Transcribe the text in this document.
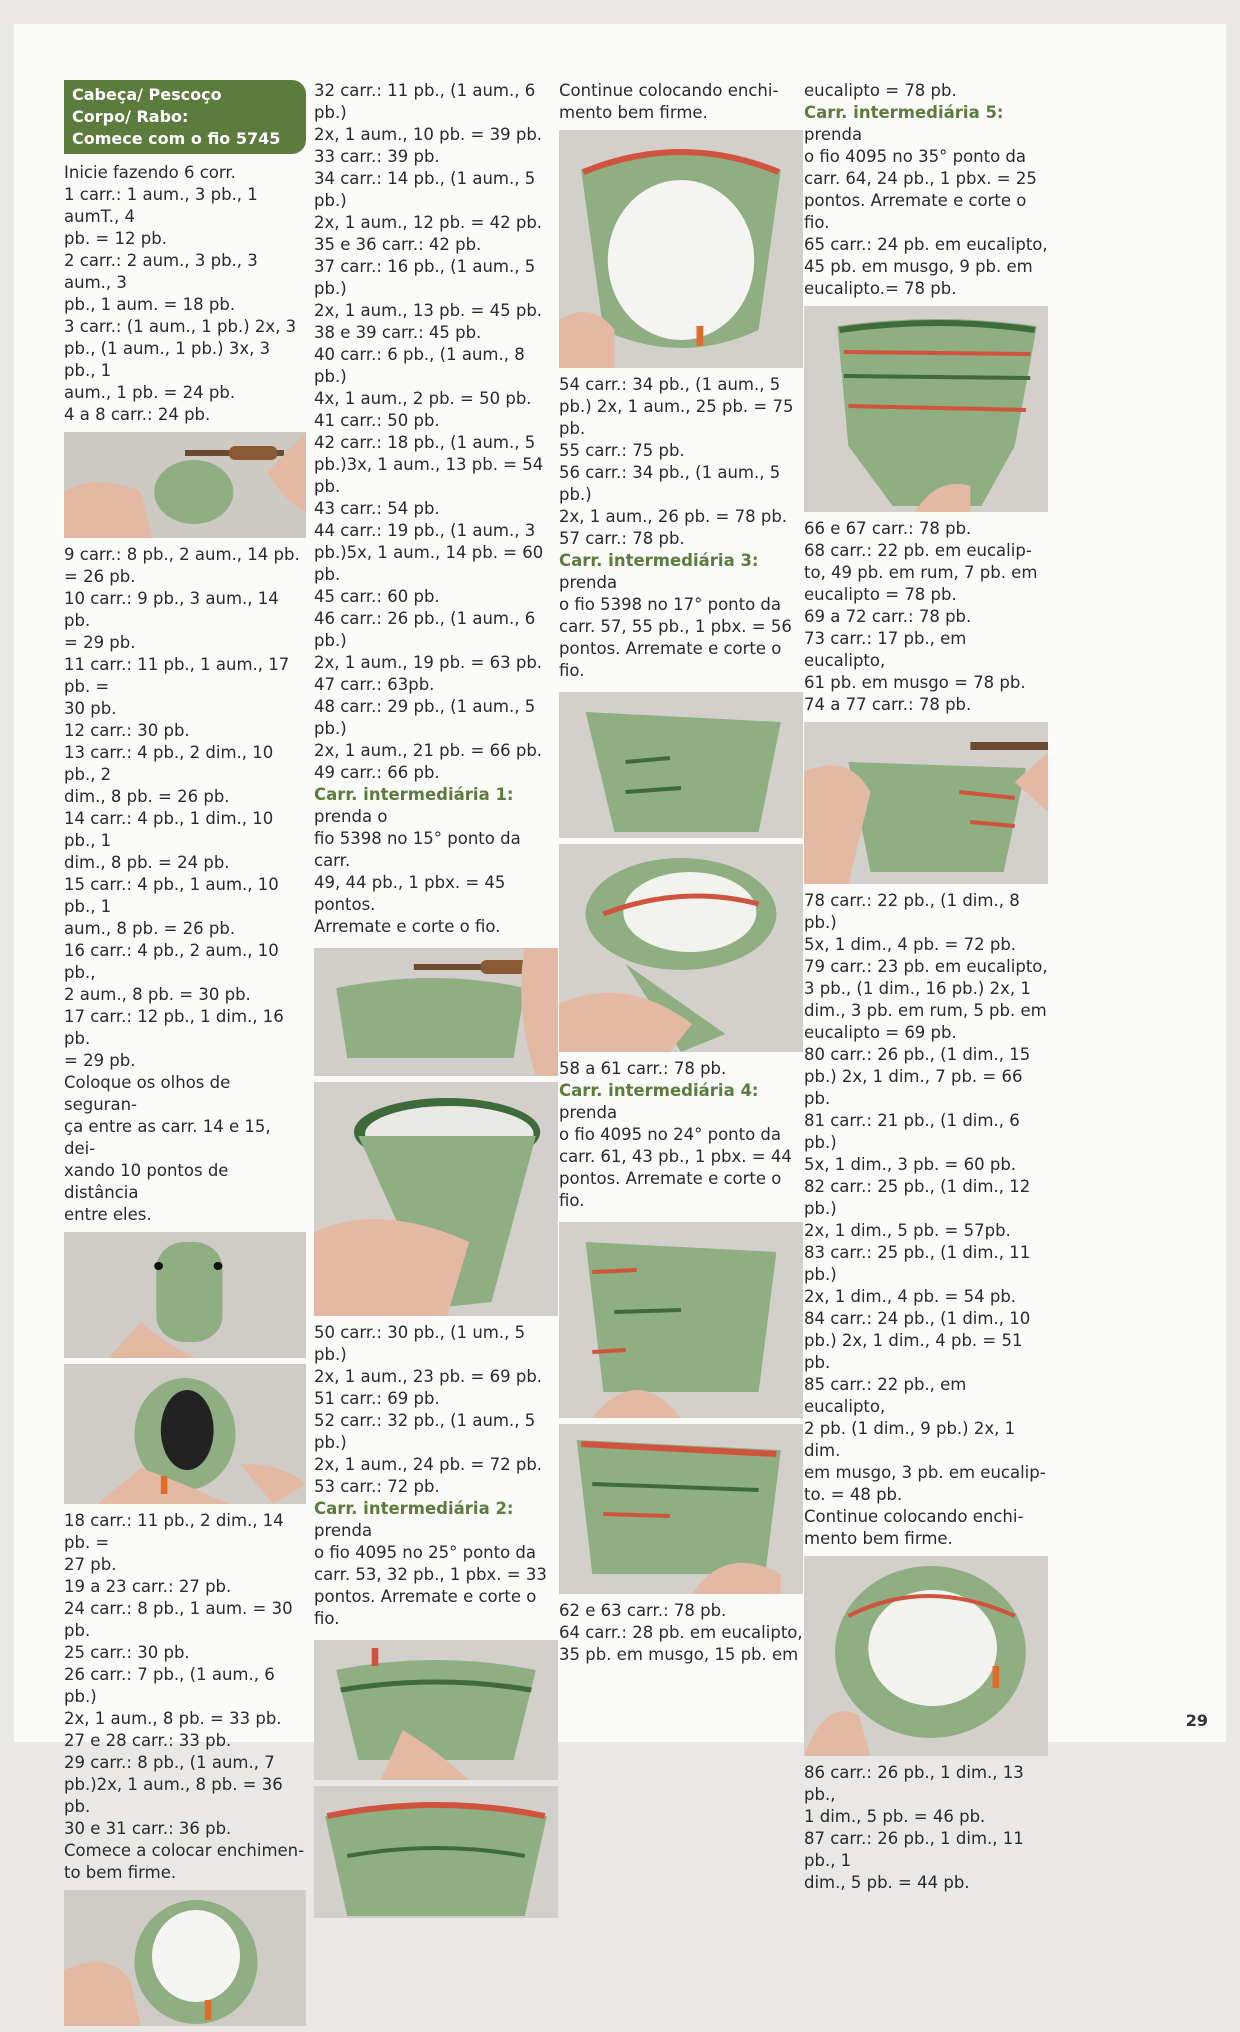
Cabeça/ Pescoço
Corpo/ Rabo:
Comece com o fio 5745

Inicie fazendo 6 corr.

1 carr.: 1 aum., 3 pb., 1 aumT., 4

pb. = 12 pb.

2 carr.: 2 aum., 3 pb., 3 aum., 3

pb., 1 aum. = 18 pb.

3 carr.: (1 aum., 1 pb.) 2x, 3

pb., (1 aum., 1 pb.) 3x, 3 pb., 1

aum., 1 pb. = 24 pb.

4 a 8 carr.: 24 pb.

9 carr.: 8 pb., 2 aum., 14 pb.

= 26 pb.

10 carr.: 9 pb., 3 aum., 14 pb.

= 29 pb.

11 carr.: 11 pb., 1 aum., 17 pb. =

30 pb.

12 carr.: 30 pb.

13 carr.: 4 pb., 2 dim., 10 pb., 2

dim., 8 pb. = 26 pb.

14 carr.: 4 pb., 1 dim., 10 pb., 1

dim., 8 pb. = 24 pb.

15 carr.: 4 pb., 1 aum., 10 pb., 1

aum., 8 pb. = 26 pb.

16 carr.: 4 pb., 2 aum., 10 pb.,

2 aum., 8 pb. = 30 pb.

17 carr.: 12 pb., 1 dim., 16 pb.

= 29 pb.

Coloque os olhos de seguran-

ça entre as carr. 14 e 15, dei-

xando 10 pontos de distância

entre eles.

18 carr.: 11 pb., 2 dim., 14 pb. =

27 pb.

19 a 23 carr.: 27 pb.

24 carr.: 8 pb., 1 aum. = 30 pb.

25 carr.: 30 pb.

26 carr.: 7 pb., (1 aum., 6 pb.)

2x, 1 aum., 8 pb. = 33 pb.

27 e 28 carr.: 33 pb.

29 carr.: 8 pb., (1 aum., 7

pb.)2x, 1 aum., 8 pb. = 36 pb.

30 e 31 carr.: 36 pb.

Comece a colocar enchimen-

to bem firme.

32 carr.: 11 pb., (1 aum., 6 pb.)

2x, 1 aum., 10 pb. = 39 pb.

33 carr.: 39 pb.

34 carr.: 14 pb., (1 aum., 5 pb.)

2x, 1 aum., 12 pb. = 42 pb.

35 e 36 carr.: 42 pb.

37 carr.: 16 pb., (1 aum., 5 pb.)

2x, 1 aum., 13 pb. = 45 pb.

38 e 39 carr.: 45 pb.

40 carr.: 6 pb., (1 aum., 8 pb.)

4x, 1 aum., 2 pb. = 50 pb.

41 carr.: 50 pb.

42 carr.: 18 pb., (1 aum., 5

pb.)3x, 1 aum., 13 pb. = 54 pb.

43 carr.: 54 pb.

44 carr.: 19 pb., (1 aum., 3

pb.)5x, 1 aum., 14 pb. = 60 pb.

45 carr.: 60 pb.

46 carr.: 26 pb., (1 aum., 6 pb.)

2x, 1 aum., 19 pb. = 63 pb.

47 carr.: 63pb.

48 carr.: 29 pb., (1 aum., 5 pb.)

2x, 1 aum., 21 pb. = 66 pb.

49 carr.: 66 pb.

Carr. intermediária 1: prenda o
fio 5398 no 15° ponto da carr.
49, 44 pb., 1 pbx. = 45 pontos.
Arremate e corte o fio.

50 carr.: 30 pb., (1 um., 5 pb.)

2x, 1 aum., 23 pb. = 69 pb.

51 carr.: 69 pb.

52 carr.: 32 pb., (1 aum., 5 pb.)

2x, 1 aum., 24 pb. = 72 pb.

53 carr.: 72 pb.

Carr. intermediária 2: prenda
o fio 4095 no 25° ponto da
carr. 53, 32 pb., 1 pbx. = 33
pontos. Arremate e corte o fio.

Continue colocando enchi-

mento bem firme.

54 carr.: 34 pb., (1 aum., 5

pb.) 2x, 1 aum., 25 pb. = 75 pb.

55 carr.: 75 pb.

56 carr.: 34 pb., (1 aum., 5 pb.)

2x, 1 aum., 26 pb. = 78 pb.

57 carr.: 78 pb.

Carr. intermediária 3: prenda
o fio 5398 no 17° ponto da
carr. 57, 55 pb., 1 pbx. = 56
pontos. Arremate e corte o fio.

58 a 61 carr.: 78 pb.

Carr. intermediária 4: prenda
o fio 4095 no 24° ponto da
carr. 61, 43 pb., 1 pbx. = 44
pontos. Arremate e corte o fio.

62 e 63 carr.: 78 pb.

64 carr.: 28 pb. em eucalipto,

35 pb. em musgo, 15 pb. em

eucalipto = 78 pb.

Carr. intermediária 5: prenda
o fio 4095 no 35° ponto da
carr. 64, 24 pb., 1 pbx. = 25
pontos. Arremate e corte o
fio.

65 carr.: 24 pb. em eucalipto,

45 pb. em musgo, 9 pb. em

eucalipto.= 78 pb.

66 e 67 carr.: 78 pb.

68 carr.: 22 pb. em eucalip-

to, 49 pb. em rum, 7 pb. em

eucalipto = 78 pb.

69 a 72 carr.: 78 pb.

73 carr.: 17 pb., em eucalipto,

61 pb. em musgo = 78 pb.

74 a 77 carr.: 78 pb.

78 carr.: 22 pb., (1 dim., 8 pb.)

5x, 1 dim., 4 pb. = 72 pb.

79 carr.: 23 pb. em eucalipto,

3 pb., (1 dim., 16 pb.) 2x, 1

dim., 3 pb. em rum, 5 pb. em

eucalipto = 69 pb.

80 carr.: 26 pb., (1 dim., 15

pb.) 2x, 1 dim., 7 pb. = 66 pb.

81 carr.: 21 pb., (1 dim., 6 pb.)

5x, 1 dim., 3 pb. = 60 pb.

82 carr.: 25 pb., (1 dim., 12 pb.)

2x, 1 dim., 5 pb. = 57pb.

83 carr.: 25 pb., (1 dim., 11 pb.)

2x, 1 dim., 4 pb. = 54 pb.

84 carr.: 24 pb., (1 dim., 10

pb.) 2x, 1 dim., 4 pb. = 51 pb.

85 carr.: 22 pb., em eucalipto,

2 pb. (1 dim., 9 pb.) 2x, 1 dim.

em musgo, 3 pb. em eucalip-

to. = 48 pb.

Continue colocando enchi-

mento bem firme.

86 carr.: 26 pb., 1 dim., 13 pb.,

1 dim., 5 pb. = 46 pb.

87 carr.: 26 pb., 1 dim., 11 pb., 1

dim., 5 pb. = 44 pb.

29
